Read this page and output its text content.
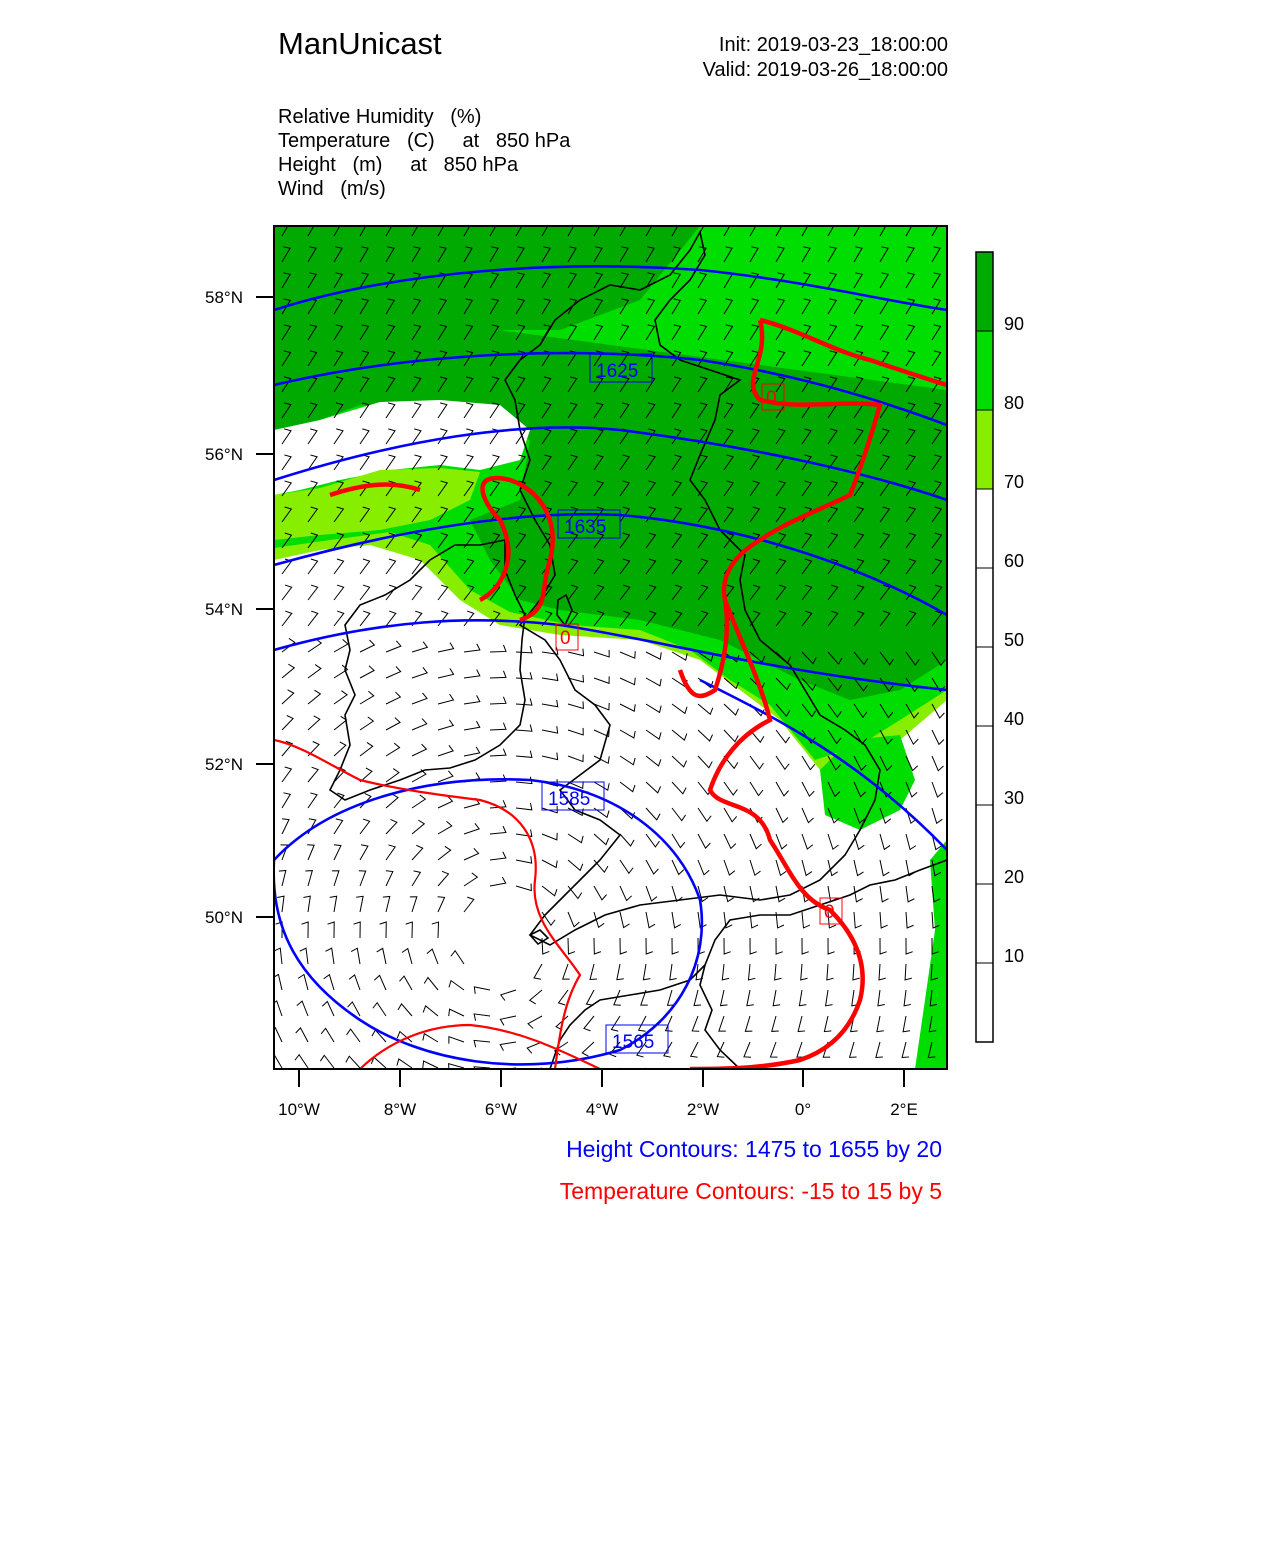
ManUnicast	Init: 2019-03-23_18:00:00
Valid: 2019-03-26_18:00:00
Relative Humidity   (%)
Temperature   (C)     at   850 hPa
Height   (m)     at   850 hPa
Wind   (m/s)
1625
1635
1585
1565
0
0
0
58°N
56°N
54°N
52°N
50°N
10°W	8°W	6°W	4°W	2°W	0°	2°E
90
80
70
60
50
40
30
20
10
Height Contours: 1475 to 1655 by 20
Temperature Contours: -15 to 15 by 5
